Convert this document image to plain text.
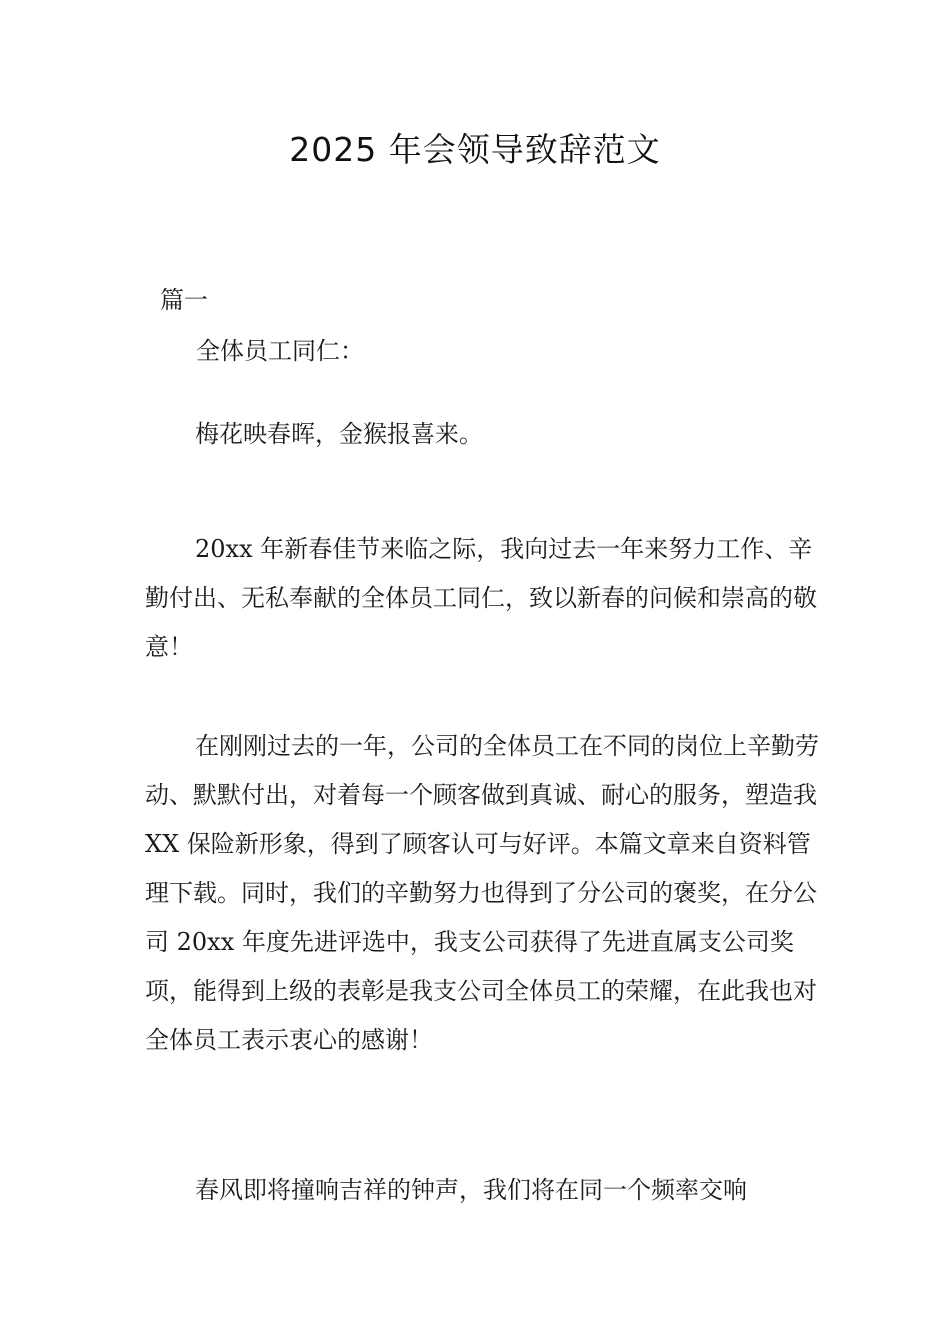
2025 年会领导致辞范文
篇一
全体员工同仁：

梅花映春晖，金猴报喜来。

20xx 年新春佳节来临之际，我向过去一年来努力工作、辛勤付出、无私奉献的全体员工同仁，致以新春的问候和崇高的敬意！

在刚刚过去的一年，公司的全体员工在不同的岗位上辛勤劳动、默默付出，对着每一个顾客做到真诚、耐心的服务，塑造我 XX 保险新形象，得到了顾客认可与好评。本篇文章来自资料管理下载。同时，我们的辛勤努力也得到了分公司的褒奖，在分公司 20xx 年度先进评选中，我支公司获得了先进直属支公司奖项，能得到上级的表彰是我支公司全体员工的荣耀，在此我也对全体员工表示衷心的感谢！

春风即将撞响吉祥的钟声，我们将在同一个频率交响
